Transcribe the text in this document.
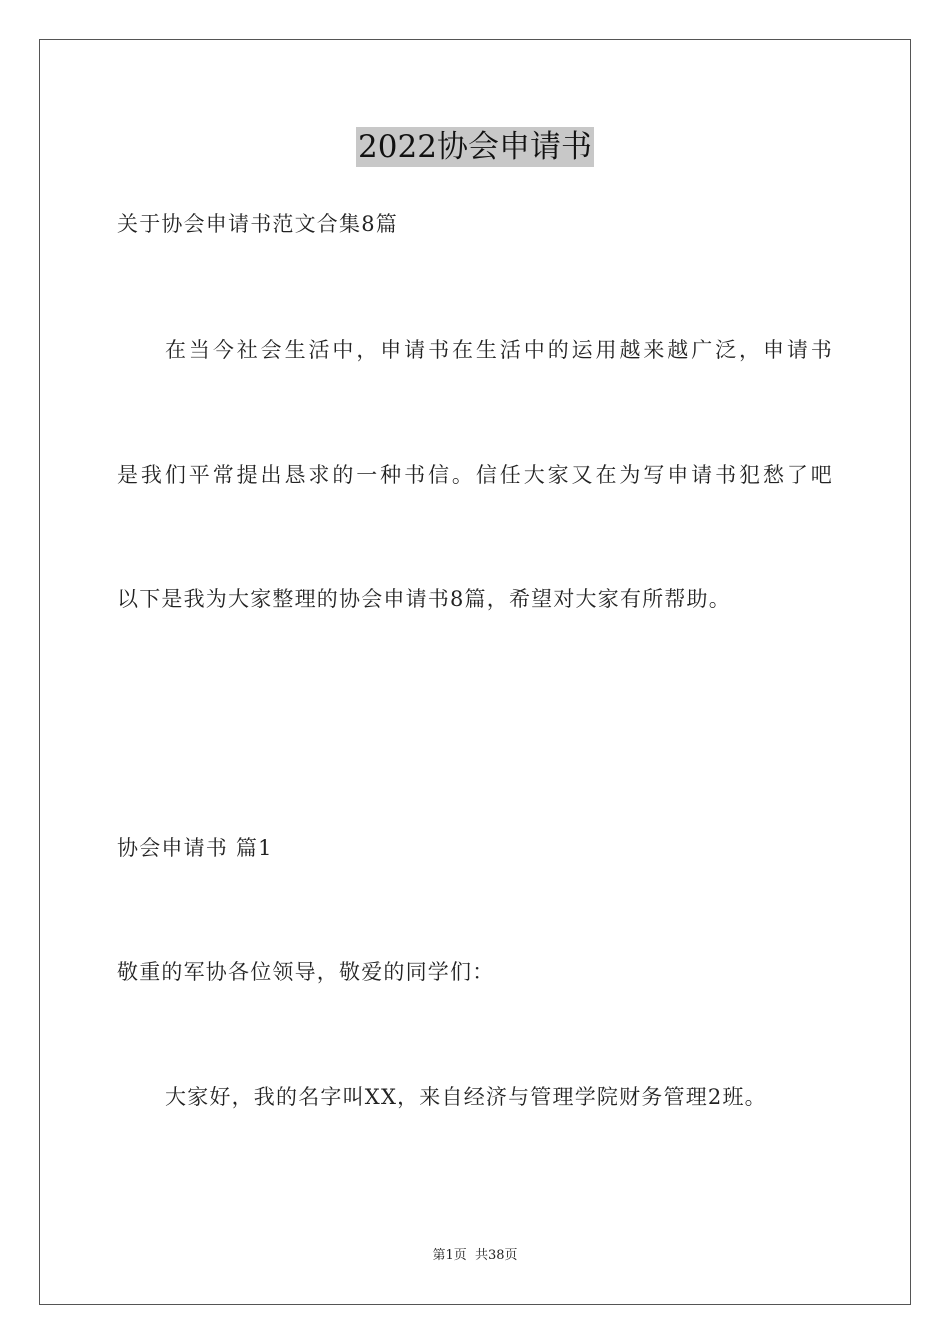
2022协会申请书
关于协会申请书范文合集8篇
在当今社会生活中，申请书在生活中的运用越来越广泛，申请书
是我们平常提出恳求的一种书信。信任大家又在为写申请书犯愁了吧
以下是我为大家整理的协会申请书8篇，希望对大家有所帮助。
协会申请书 篇1
敬重的军协各位领导，敬爱的同学们：
大家好，我的名字叫XX，来自经济与管理学院财务管理2班。
第1页  共38页
